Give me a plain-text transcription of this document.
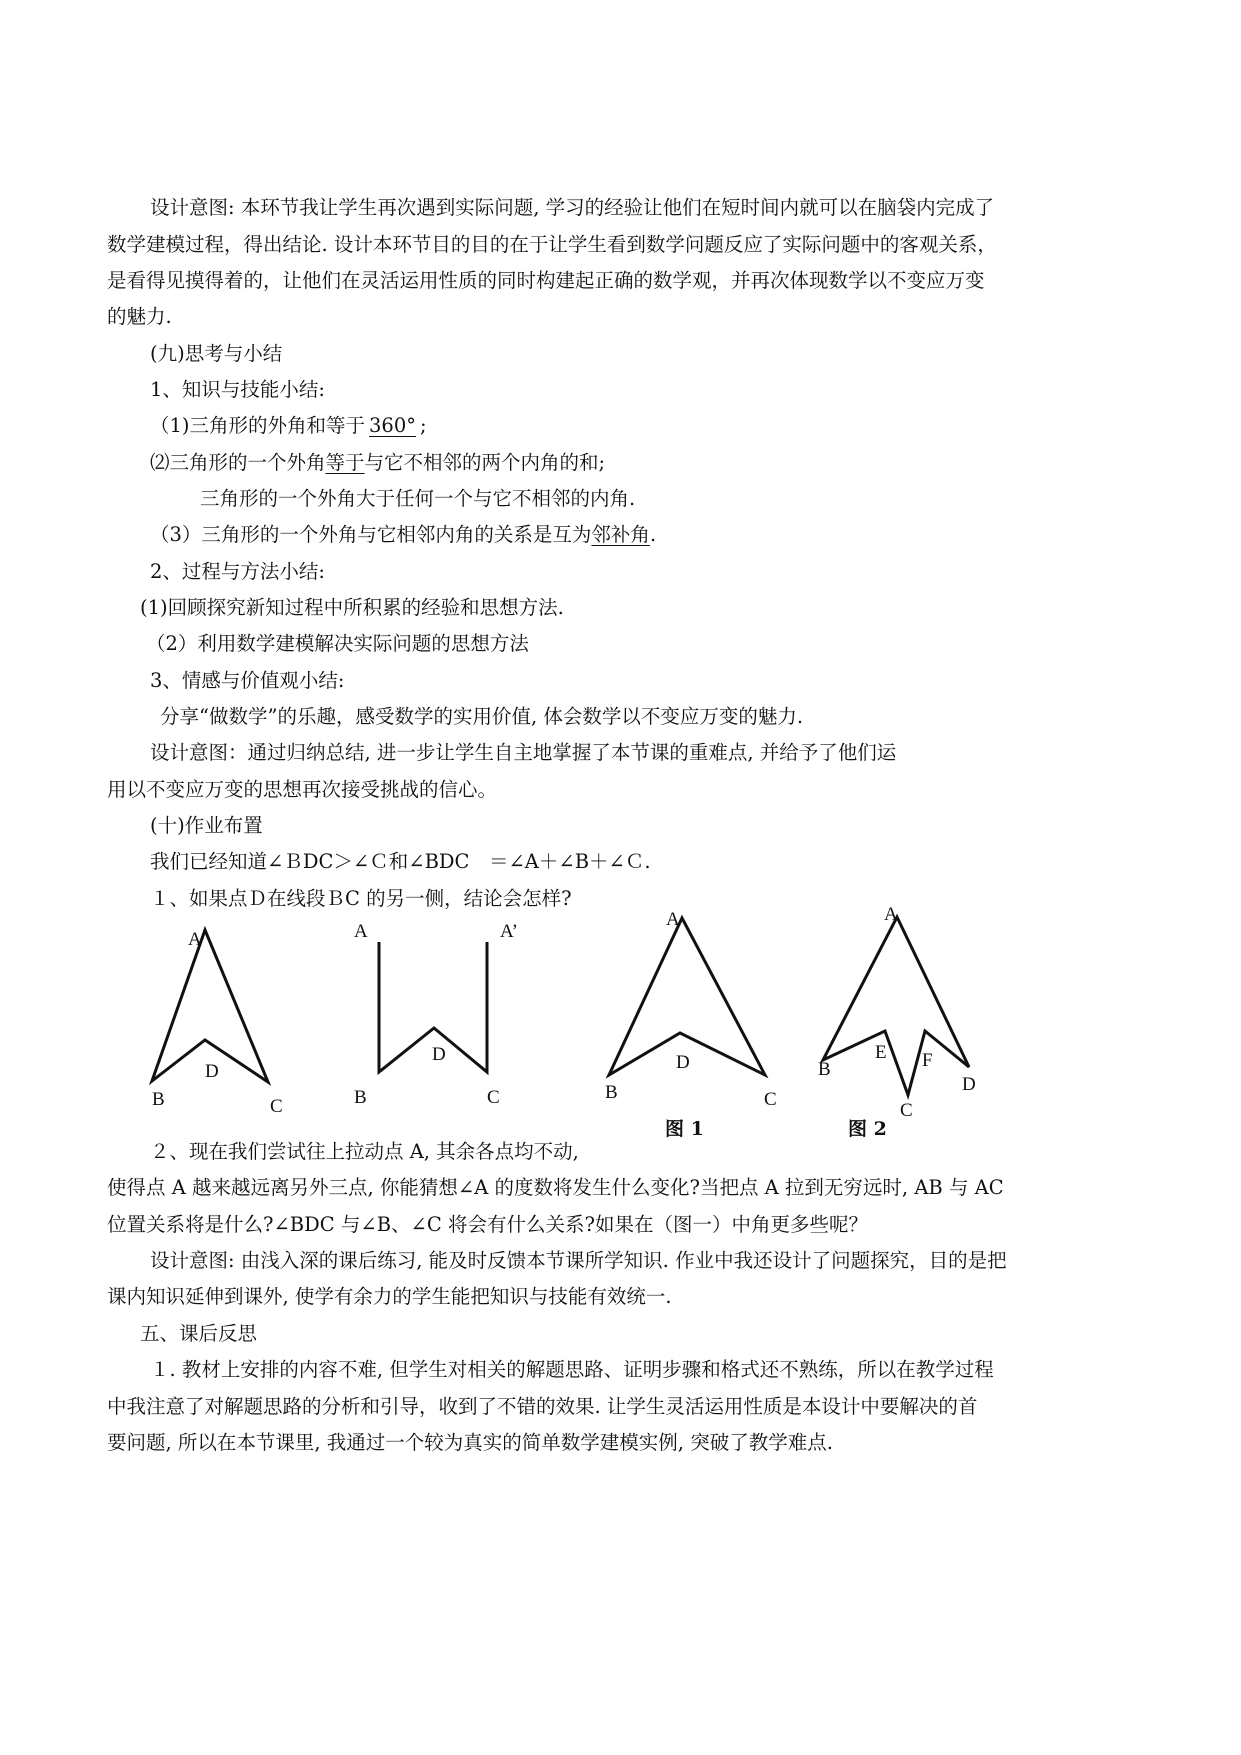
设计意图: 本环节我让学生再次遇到实际问题, 学习的经验让他们在短时间内就可以在脑袋内完成了
数学建模过程，得出结论. 设计本环节目的目的在于让学生看到数学问题反应了实际问题中的客观关系，
是看得见摸得着的，让他们在灵活运用性质的同时构建起正确的数学观，并再次体现数学以不变应万变
的魅力.
(九)思考与小结
1、知识与技能小结:
（1)三角形的外角和等于 360° ;
⑵三角形的一个外角等于与它不相邻的两个内角的和;
三角形的一个外角大于任何一个与它不相邻的内角.
（3）三角形的一个外角与它相邻内角的关系是互为邻补角.
2、过程与方法小结:
(1)回顾探究新知过程中所积累的经验和思想方法.
（2）利用数学建模解决实际问题的思想方法
3、情感与价值观小结:
分享“做数学”的乐趣，感受数学的实用价值, 体会数学以不变应万变的魅力.
设计意图：通过归纳总结, 进一步让学生自主地掌握了本节课的重难点, 并给予了他们运
用以不变应万变的思想再次接受挑战的信心。
(十)作业布置
我们已经知道∠ＢDC＞∠Ｃ和∠BDC　＝∠A＋∠B＋∠Ｃ.
１、如果点Ｄ在线段ＢC 的另一侧，结论会怎样?
A
D
B	C
A	A’
D
B	C
A
D
B	C
图 1
A
E F
B
D
C
图 2
２、现在我们尝试往上拉动点 A, 其余各点均不动,
使得点 A 越来越远离另外三点, 你能猜想∠A 的度数将发生什么变化?当把点 A 拉到无穷远时, AB 与 AC
位置关系将是什么?∠BDC 与∠B、∠C 将会有什么关系?如果在（图一）中角更多些呢？
设计意图: 由浅入深的课后练习, 能及时反馈本节课所学知识. 作业中我还设计了问题探究，目的是把
课内知识延伸到课外, 使学有余力的学生能把知识与技能有效统一.
五、课后反思
１. 教材上安排的内容不难, 但学生对相关的解题思路、证明步骤和格式还不熟练，所以在教学过程
中我注意了对解题思路的分析和引导，收到了不错的效果. 让学生灵活运用性质是本设计中要解决的首
要问题, 所以在本节课里, 我通过一个较为真实的简单数学建模实例, 突破了教学难点.
